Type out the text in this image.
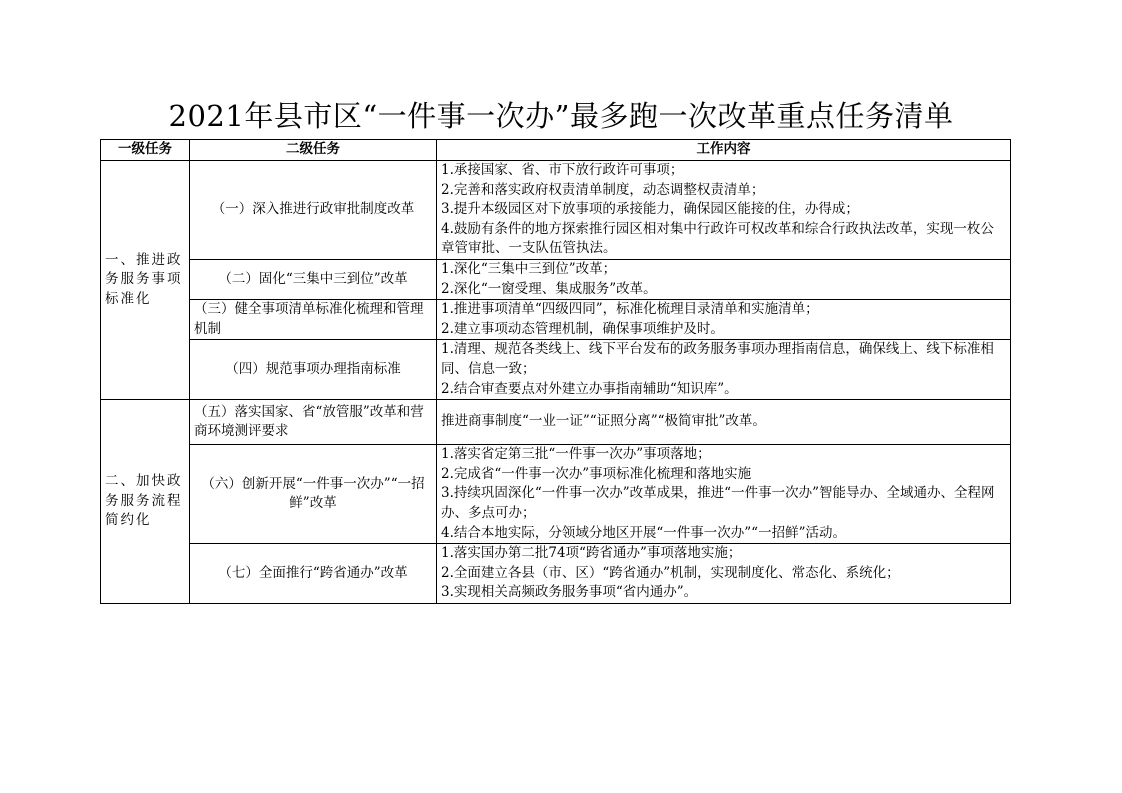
2021年县市区“一件事一次办”最多跑一次改革重点任务清单
一级任务	二级任务	工作内容
一、推进政务服务事项标准化	（一）深入推进行政审批制度改革	1.承接国家、省、市下放行政许可事项；
2.完善和落实政府权责清单制度，动态调整权责清单；
3.提升本级园区对下放事项的承接能力，确保园区能接的住，办得成；
4.鼓励有条件的地方探索推行园区相对集中行政许可权改革和综合行政执法改革，实现一枚公章管审批、一支队伍管执法。

	（二）固化“三集中三到位”改革	1.深化“三集中三到位”改革；
2.深化“一窗受理、集成服务”改革。

	（三）健全事项清单标准化梳理和管理机制	1.推进事项清单“四级四同”，标准化梳理目录清单和实施清单；
2.建立事项动态管理机制，确保事项维护及时。

	（四）规范事项办理指南标准	1.清理、规范各类线上、线下平台发布的政务服务事项办理指南信息，确保线上、线下标准相同、信息一致；
2.结合审查要点对外建立办事指南辅助“知识库”。

二、加快政务服务流程简约化	（五）落实国家、省“放管服”改革和营商环境测评要求	推进商事制度“一业一证”“证照分离”“极简审批”改革。

	（六）创新开展“一件事一次办”“一招鲜”改革	1.落实省定第三批“一件事一次办”事项落地；
2.完成省“一件事一次办”事项标准化梳理和落地实施
3.持续巩固深化“一件事一次办”改革成果，推进“一件事一次办”智能导办、全域通办、全程网办、多点可办；
4.结合本地实际，分领域分地区开展“一件事一次办”“一招鲜”活动。

	（七）全面推行“跨省通办”改革	1.落实国办第二批74项“跨省通办”事项落地实施；
2.全面建立各县（市、区）“跨省通办”机制，实现制度化、常态化、系统化；
3.实现相关高频政务服务事项“省内通办”。
